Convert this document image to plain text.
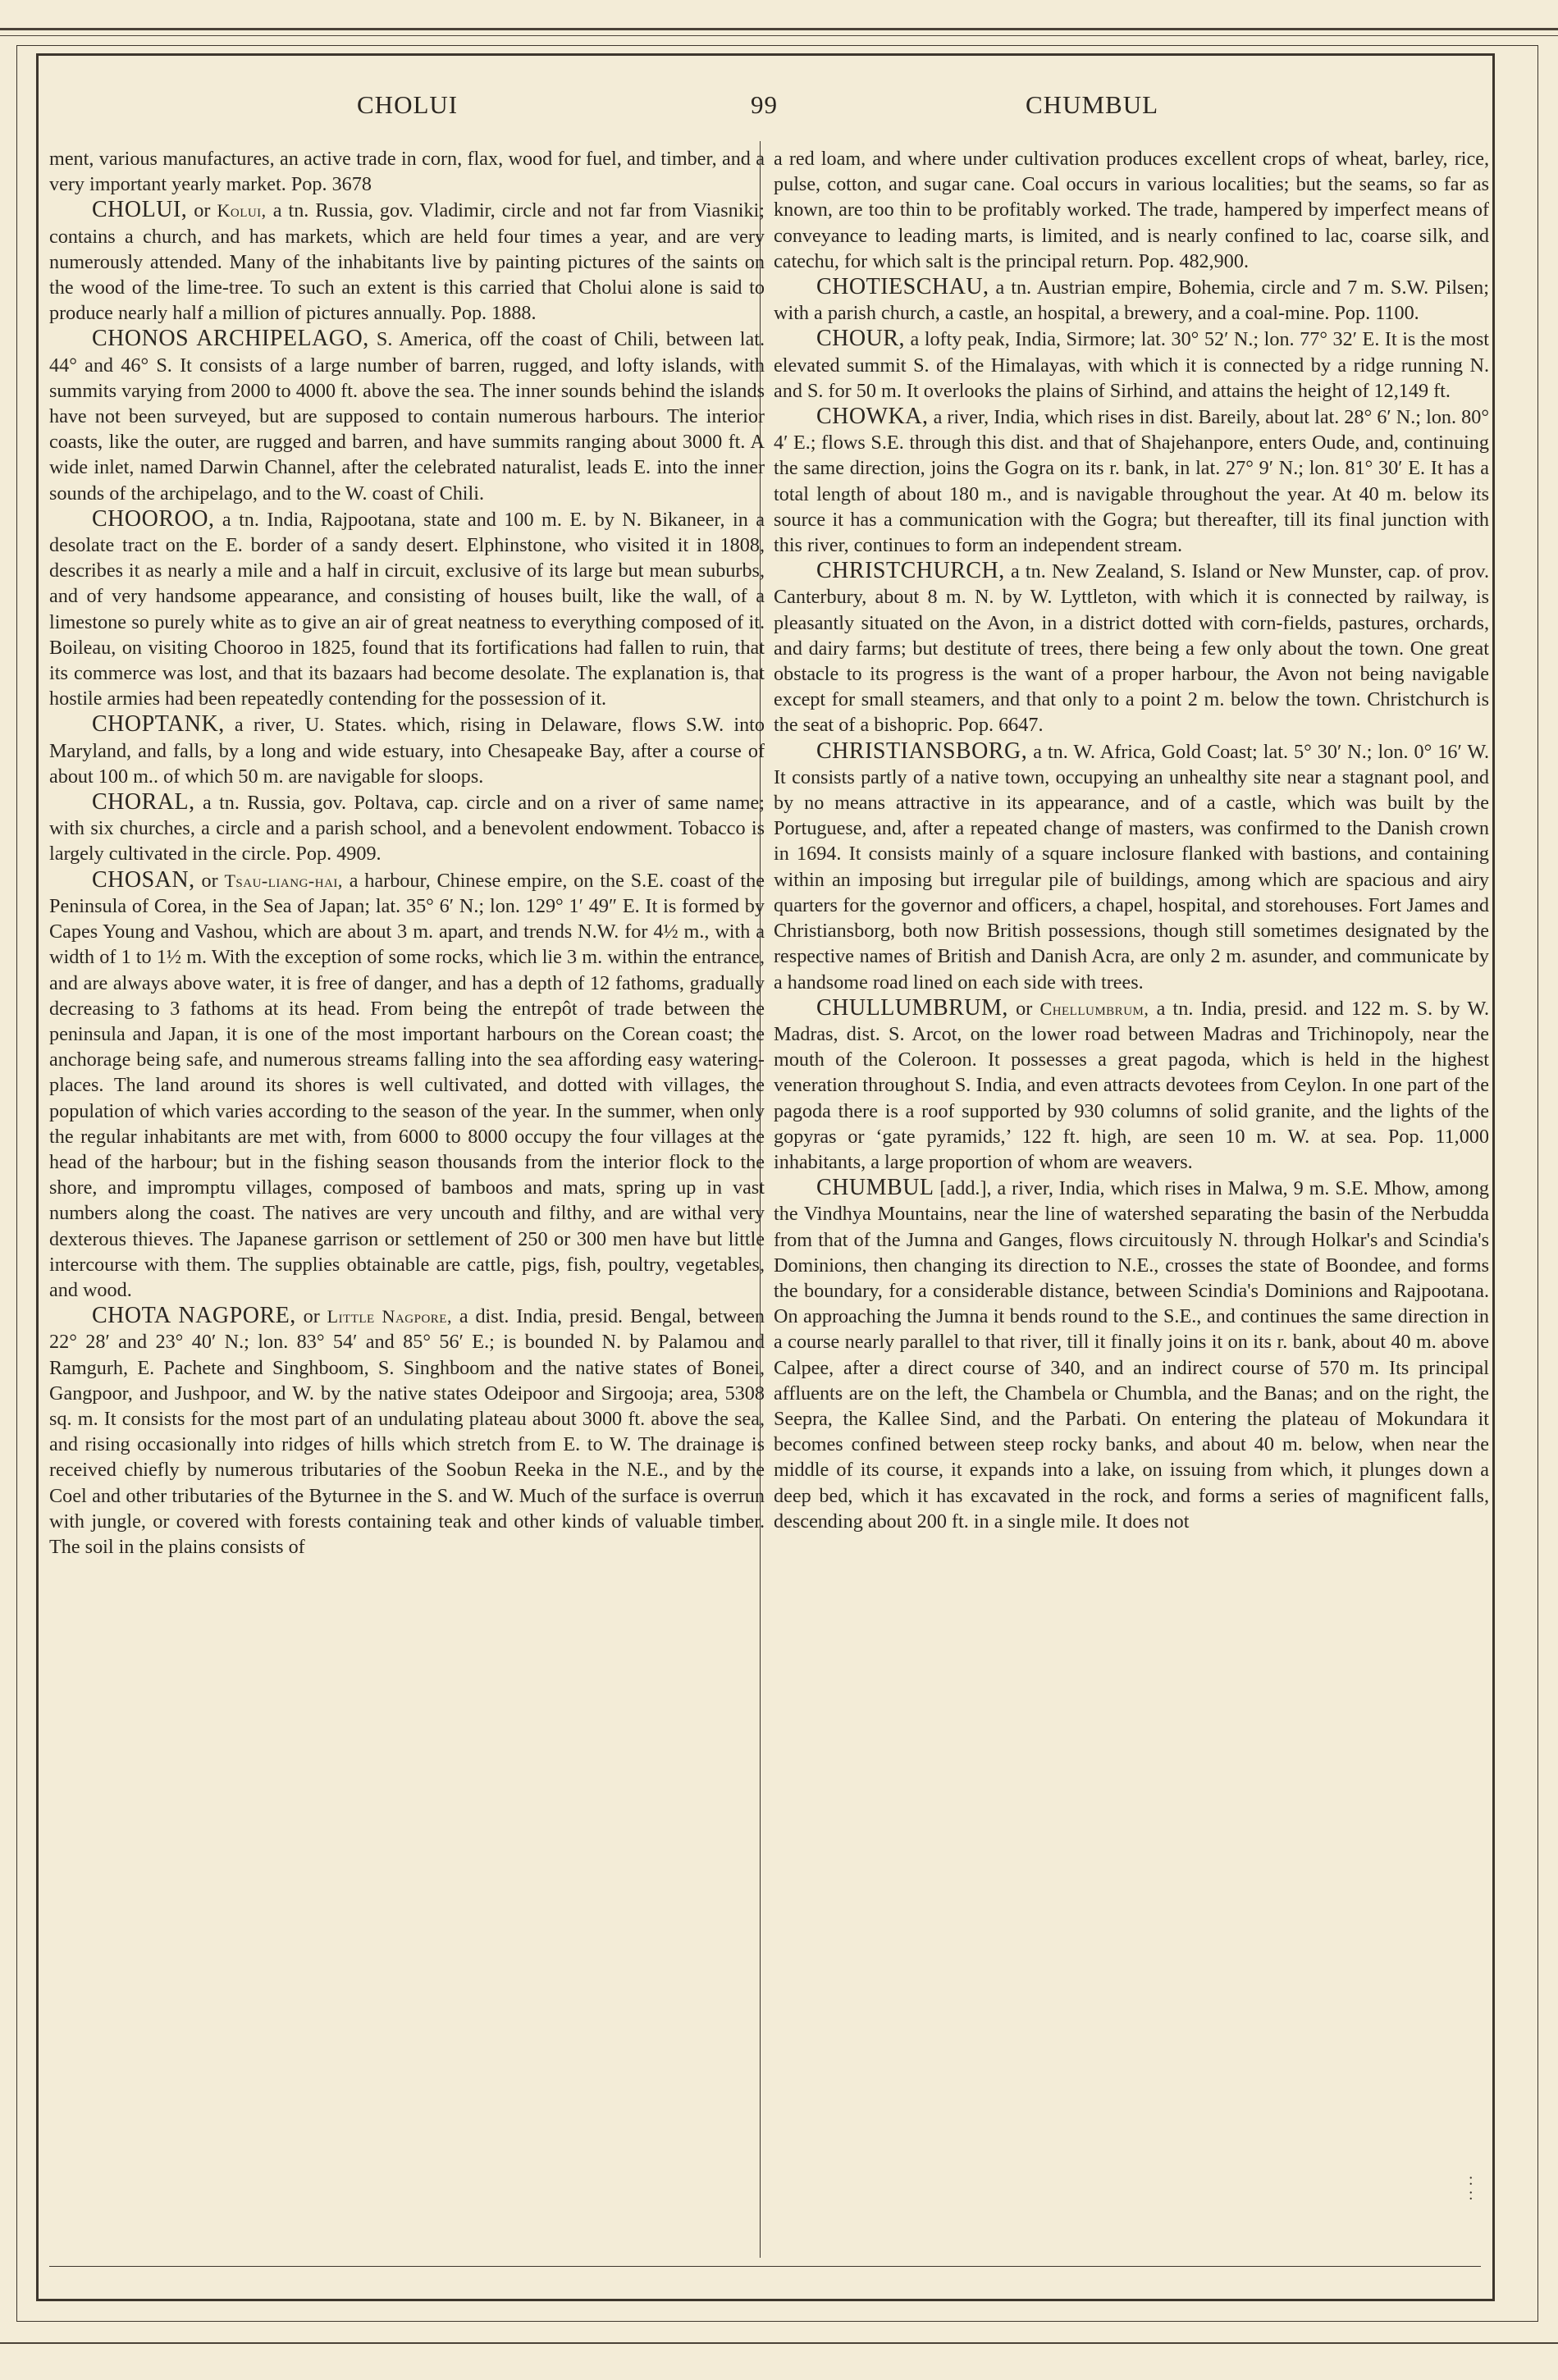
CHOLUI	99	CHUMBUL

ment, various manufactures, an active trade in corn, flax, wood for fuel, and timber, and a very important yearly market. Pop. 3678

CHOLUI, or Kolui, a tn. Russia, gov. Vladimir, circle and not far from Viasniki; contains a church, and has markets, which are held four times a year, and are very numerously attended. Many of the inhabitants live by painting pictures of the saints on the wood of the lime-tree. To such an extent is this carried that Cholui alone is said to produce nearly half a million of pictures annually. Pop. 1888.

CHONOS ARCHIPELAGO, S. America, off the coast of Chili, between lat. 44° and 46° S. It consists of a large number of barren, rugged, and lofty islands, with summits varying from 2000 to 4000 ft. above the sea. The inner sounds behind the islands have not been surveyed, but are supposed to contain numerous harbours. The interior coasts, like the outer, are rugged and barren, and have summits ranging about 3000 ft. A wide inlet, named Darwin Channel, after the celebrated naturalist, leads E. into the inner sounds of the archipelago, and to the W. coast of Chili.

CHOOROO, a tn. India, Rajpootana, state and 100 m. E. by N. Bikaneer, in a desolate tract on the E. border of a sandy desert. Elphinstone, who visited it in 1808, describes it as nearly a mile and a half in circuit, exclusive of its large but mean suburbs, and of very handsome appearance, and consisting of houses built, like the wall, of a limestone so purely white as to give an air of great neatness to everything composed of it. Boileau, on visiting Chooroo in 1825, found that its fortifications had fallen to ruin, that its commerce was lost, and that its bazaars had become desolate. The explanation is, that hostile armies had been repeatedly contending for the possession of it.

CHOPTANK, a river, U. States. which, rising in Delaware, flows S.W. into Maryland, and falls, by a long and wide estuary, into Chesapeake Bay, after a course of about 100 m.. of which 50 m. are navigable for sloops.

CHORAL, a tn. Russia, gov. Poltava, cap. circle and on a river of same name; with six churches, a circle and a parish school, and a benevolent endowment. Tobacco is largely cultivated in the circle. Pop. 4909.

CHOSAN, or Tsau-liang-hai, a harbour, Chinese empire, on the S.E. coast of the Peninsula of Corea, in the Sea of Japan; lat. 35° 6′ N.; lon. 129° 1′ 49″ E. It is formed by Capes Young and Vashou, which are about 3 m. apart, and trends N.W. for 4½ m., with a width of 1 to 1½ m. With the exception of some rocks, which lie 3 m. within the entrance, and are always above water, it is free of danger, and has a depth of 12 fathoms, gradually decreasing to 3 fathoms at its head. From being the entrepôt of trade between the peninsula and Japan, it is one of the most important harbours on the Corean coast; the anchorage being safe, and numerous streams falling into the sea affording easy watering-places. The land around its shores is well cultivated, and dotted with villages, the population of which varies according to the season of the year. In the summer, when only the regular inhabitants are met with, from 6000 to 8000 occupy the four villages at the head of the harbour; but in the fishing season thousands from the interior flock to the shore, and impromptu villages, composed of bamboos and mats, spring up in vast numbers along the coast. The natives are very uncouth and filthy, and are withal very dexterous thieves. The Japanese garrison or settlement of 250 or 300 men have but little intercourse with them. The supplies obtainable are cattle, pigs, fish, poultry, vegetables, and wood.

CHOTA NAGPORE, or Little Nagpore, a dist. India, presid. Bengal, between 22° 28′ and 23° 40′ N.; lon. 83° 54′ and 85° 56′ E.; is bounded N. by Palamou and Ramgurh, E. Pachete and Singhboom, S. Singhboom and the native states of Bonei, Gangpoor, and Jushpoor, and W. by the native states Odeipoor and Sirgooja; area, 5308 sq. m. It consists for the most part of an undulating plateau about 3000 ft. above the sea, and rising occasionally into ridges of hills which stretch from E. to W. The drainage is received chiefly by numerous tributaries of the Soobun Reeka in the N.E., and by the Coel and other tributaries of the Byturnee in the S. and W. Much of the surface is overrun with jungle, or covered with forests containing teak and other kinds of valuable timber. The soil in the plains consists of

a red loam, and where under cultivation produces excellent crops of wheat, barley, rice, pulse, cotton, and sugar cane. Coal occurs in various localities; but the seams, so far as known, are too thin to be profitably worked. The trade, hampered by imperfect means of conveyance to leading marts, is limited, and is nearly confined to lac, coarse silk, and catechu, for which salt is the principal return. Pop. 482,900.

CHOTIESCHAU, a tn. Austrian empire, Bohemia, circle and 7 m. S.W. Pilsen; with a parish church, a castle, an hospital, a brewery, and a coal-mine. Pop. 1100.

CHOUR, a lofty peak, India, Sirmore; lat. 30° 52′ N.; lon. 77° 32′ E. It is the most elevated summit S. of the Himalayas, with which it is connected by a ridge running N. and S. for 50 m. It overlooks the plains of Sirhind, and attains the height of 12,149 ft.

CHOWKA, a river, India, which rises in dist. Bareily, about lat. 28° 6′ N.; lon. 80° 4′ E.; flows S.E. through this dist. and that of Shajehanpore, enters Oude, and, continuing the same direction, joins the Gogra on its r. bank, in lat. 27° 9′ N.; lon. 81° 30′ E. It has a total length of about 180 m., and is navigable throughout the year. At 40 m. below its source it has a communication with the Gogra; but thereafter, till its final junction with this river, continues to form an independent stream.

CHRISTCHURCH, a tn. New Zealand, S. Island or New Munster, cap. of prov. Canterbury, about 8 m. N. by W. Lyttleton, with which it is connected by railway, is pleasantly situated on the Avon, in a district dotted with corn-fields, pastures, orchards, and dairy farms; but destitute of trees, there being a few only about the town. One great obstacle to its progress is the want of a proper harbour, the Avon not being navigable except for small steamers, and that only to a point 2 m. below the town. Christchurch is the seat of a bishopric. Pop. 6647.

CHRISTIANSBORG, a tn. W. Africa, Gold Coast; lat. 5° 30′ N.; lon. 0° 16′ W. It consists partly of a native town, occupying an unhealthy site near a stagnant pool, and by no means attractive in its appearance, and of a castle, which was built by the Portuguese, and, after a repeated change of masters, was confirmed to the Danish crown in 1694. It consists mainly of a square inclosure flanked with bastions, and containing within an imposing but irregular pile of buildings, among which are spacious and airy quarters for the governor and officers, a chapel, hospital, and storehouses. Fort James and Christiansborg, both now British possessions, though still sometimes designated by the respective names of British and Danish Acra, are only 2 m. asunder, and communicate by a handsome road lined on each side with trees.

CHULLUMBRUM, or Chellumbrum, a tn. India, presid. and 122 m. S. by W. Madras, dist. S. Arcot, on the lower road between Madras and Trichinopoly, near the mouth of the Coleroon. It possesses a great pagoda, which is held in the highest veneration throughout S. India, and even attracts devotees from Ceylon. In one part of the pagoda there is a roof supported by 930 columns of solid granite, and the lights of the gopyras or ‘gate pyramids,’ 122 ft. high, are seen 10 m. W. at sea. Pop. 11,000 inhabitants, a large proportion of whom are weavers.

CHUMBUL [add.], a river, India, which rises in Malwa, 9 m. S.E. Mhow, among the Vindhya Mountains, near the line of watershed separating the basin of the Nerbudda from that of the Jumna and Ganges, flows circuitously N. through Holkar's and Scindia's Dominions, then changing its direction to N.E., crosses the state of Boondee, and forms the boundary, for a considerable distance, between Scindia's Dominions and Rajpootana. On approaching the Jumna it bends round to the S.E., and continues the same direction in a course nearly parallel to that river, till it finally joins it on its r. bank, about 40 m. above Calpee, after a direct course of 340, and an indirect course of 570 m. Its principal affluents are on the left, the Chambela or Chumbla, and the Banas; and on the right, the Seepra, the Kallee Sind, and the Parbati. On entering the plateau of Mokundara it becomes confined between steep rocky banks, and about 40 m. below, when near the middle of its course, it expands into a lake, on issuing from which, it plunges down a deep bed, which it has excavated in the rock, and forms a series of magnificent falls, descending about 200 ft. in a single mile. It does not

:
:
